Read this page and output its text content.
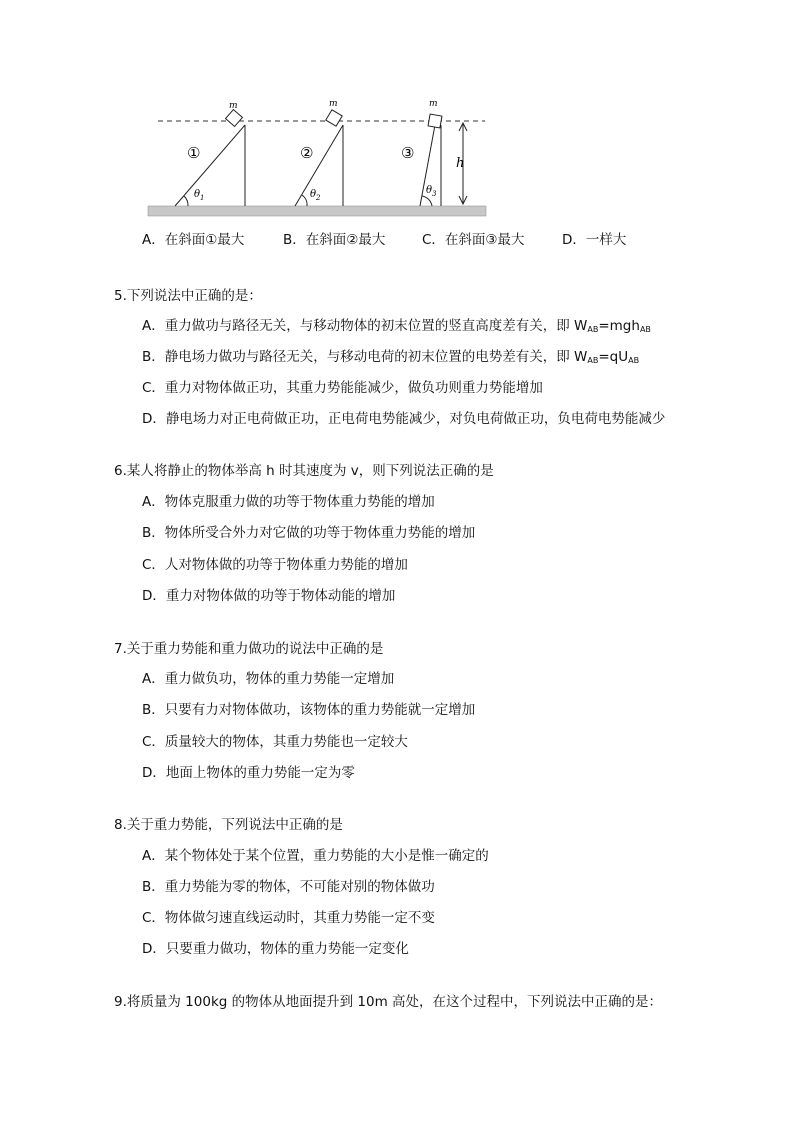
m
①
$\theta_1$
m
②
$\theta_2$
m
③
$\theta_3$
h
A．在斜面①最大	B．在斜面②最大	C．在斜面③最大	D．一样大
5.下列说法中正确的是：
A．重力做功与路径无关，与移动物体的初末位置的竖直高度差有关，即 $W_{AB}=mgh_{AB}$
B．静电场力做功与路径无关，与移动电荷的初末位置的电势差有关，即 $W_{AB}=qU_{AB}$
C．重力对物体做正功，其重力势能能减少，做负功则重力势能增加
D．静电场力对正电荷做正功，正电荷电势能减少，对负电荷做正功，负电荷电势能减少
6.某人将静止的物体举高 h 时其速度为 v，则下列说法正确的是
A．物体克服重力做的功等于物体重力势能的增加
B．物体所受合外力对它做的功等于物体重力势能的增加
C．人对物体做的功等于物体重力势能的增加
D．重力对物体做的功等于物体动能的增加
7.关于重力势能和重力做功的说法中正确的是
A．重力做负功，物体的重力势能一定增加
B．只要有力对物体做功，该物体的重力势能就一定增加
C．质量较大的物体，其重力势能也一定较大
D．地面上物体的重力势能一定为零
8.关于重力势能，下列说法中正确的是
A．某个物体处于某个位置，重力势能的大小是惟一确定的
B．重力势能为零的物体，不可能对别的物体做功
C．物体做匀速直线运动时，其重力势能一定不变
D．只要重力做功，物体的重力势能一定变化
9.将质量为 100kg 的物体从地面提升到 10m 高处，在这个过程中，下列说法中正确的是：
